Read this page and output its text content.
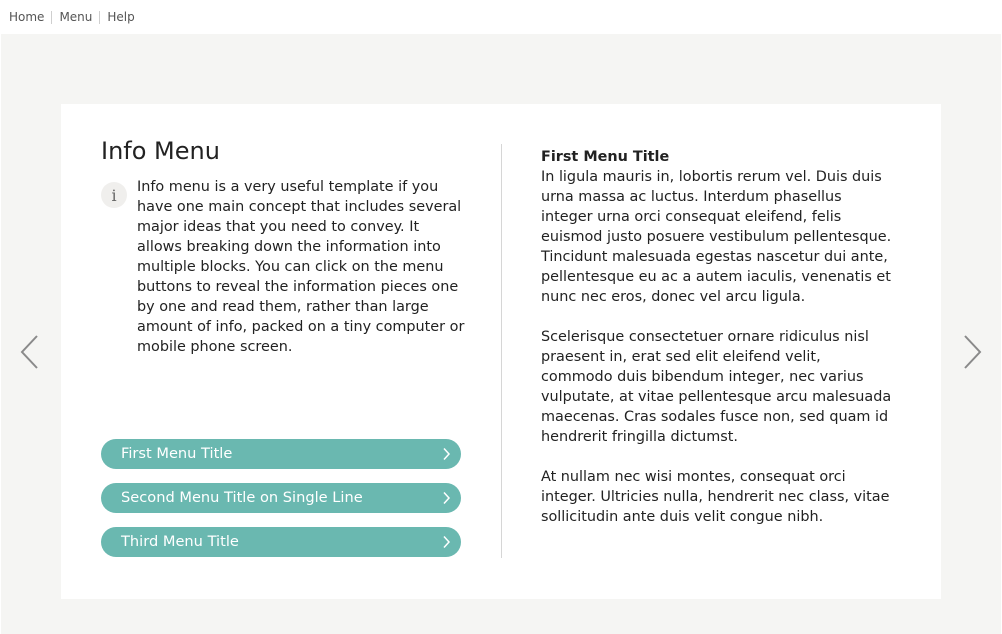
Home	Menu	Help
Info Menu
i	Info menu is a very useful template if you have one main concept that includes several major ideas that you need to convey. It allows breaking down the information into multiple blocks. You can click on the menu buttons to reveal the information pieces one by one and read them, rather than large amount of info, packed on a tiny computer or mobile phone screen.

First Menu Title
Second Menu Title on Single Line
Third Menu Title

First Menu Title

In ligula mauris in, lobortis rerum vel. Duis duis urna massa ac luctus. Interdum phasellus integer urna orci consequat eleifend, felis euismod justo posuere vestibulum pellentesque. Tincidunt malesuada egestas nascetur dui ante, pellentesque eu ac a autem iaculis, venenatis et nunc nec eros, donec vel arcu ligula.

Scelerisque consectetuer ornare ridiculus nisl praesent in, erat sed elit eleifend velit, commodo duis bibendum integer, nec varius vulputate, at vitae pellentesque arcu malesuada maecenas. Cras sodales fusce non, sed quam id hendrerit fringilla dictumst.

At nullam nec wisi montes, consequat orci integer. Ultricies nulla, hendrerit nec class, vitae sollicitudin ante duis velit congue nibh.
